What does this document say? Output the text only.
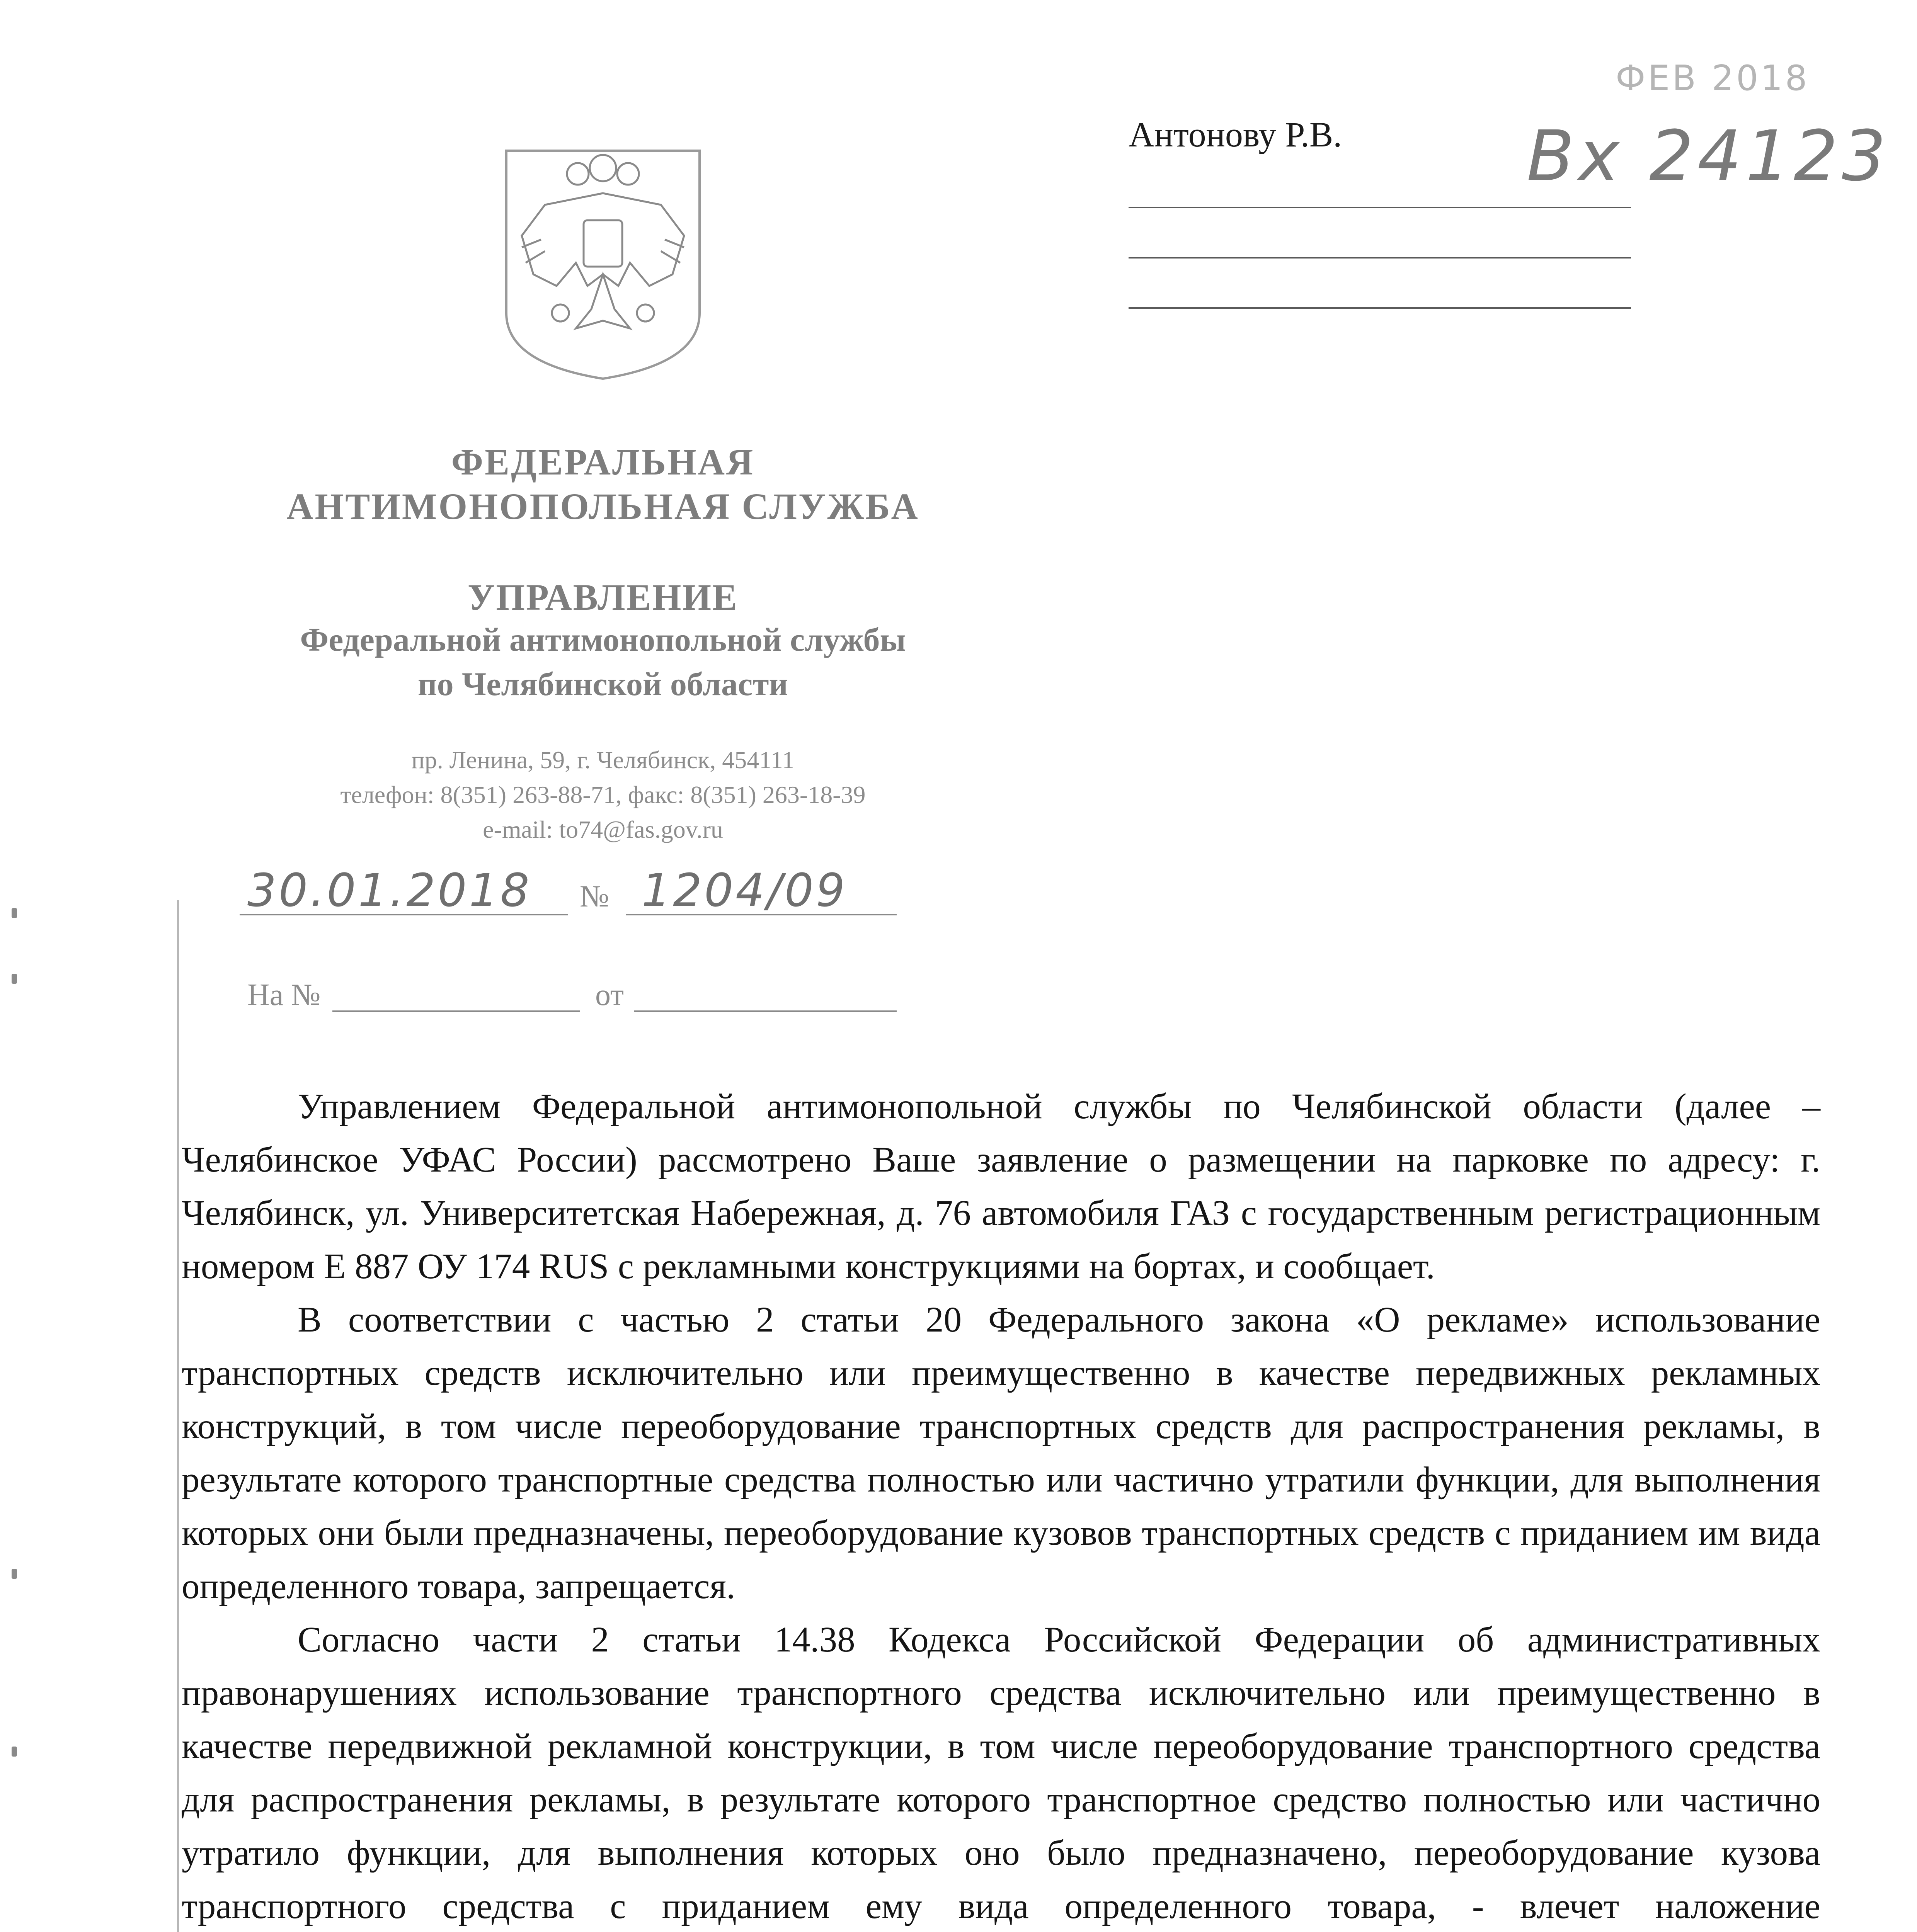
ФЕДЕРАЛЬНАЯ
АНТИМОНОПОЛЬНАЯ СЛУЖБА
УПРАВЛЕНИЕ
Федеральной антимонопольной службы
по Челябинской области
пр. Ленина, 59, г. Челябинск, 454111
телефон: 8(351) 263-88-71, факс: 8(351) 263-18-39
e-mail: to74@fas.gov.ru
30.01.2018 № 1204/09
На №	от
Антонову Р.В.
ФЕВ 2018
Вх 24123

Управлением Федеральной антимонопольной службы по Челябинской области (далее – Челябинское УФАС России) рассмотрено Ваше заявление о размещении на парковке по адресу: г. Челябинск, ул. Университетская Набережная, д. 76 автомобиля ГАЗ с государственным регистрационным номером Е 887 ОУ 174 RUS с рекламными конструкциями на бортах, и сообщает.

В соответствии с частью 2 статьи 20 Федерального закона «О рекламе» использование транспортных средств исключительно или преимущественно в качестве передвижных рекламных конструкций, в том числе переоборудование транспортных средств для распространения рекламы, в результате которого транспортные средства полностью или частично утратили функции, для выполнения которых они были предназначены, переоборудование кузовов транспортных средств с приданием им вида определенного товара, запрещается.

Согласно части 2 статьи 14.38 Кодекса Российской Федерации об административных правонарушениях использование транспортного средства исключительно или преимущественно в качестве передвижной рекламной конструкции, в том числе переоборудование транспортного средства для распространения рекламы, в результате которого транспортное средство полностью или частично утратило функции, для выполнения которых оно было предназначено, переоборудование кузова транспортного средства с приданием ему вида определенного товара, - влечет наложение
